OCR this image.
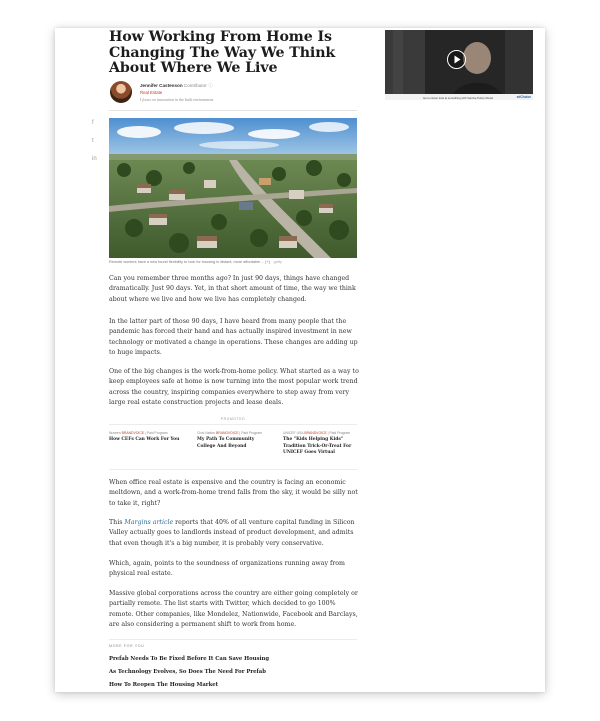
How Working From Home Is Changing The Way We Think About Where We Live
Jennifer Castenson Contributor ⓘ
Real Estate
I focus on innovation in the built environment.
f
t
in
Remote workers have a new found flexibility to look for housing in distant, more affordable ... [+] getty

Can you remember three months ago? In just 90 days, things have changed dramatically. Just 90 days. Yet, in that short amount of time, the way we think about where we live and how we live has completely changed.

In the latter part of those 90 days, I have heard from many people that the pandemic has forced their hand and has actually inspired investment in new technology or motivated a change in operations. These changes are adding up to huge impacts.

One of the big changes is the work-from-home policy. What started as a way to keep employees safe at home is now turning into the most popular work trend across the country, inspiring companies everywhere to step away from very large real estate construction projects and lease deals.

PROMOTED
Nuveen BRANDVOICE | Paid Program
How CEFs Can Work For You
Civic Nation BRANDVOICE | Paid Program
My Path To Community College And Beyond
UNICEF USA BRANDVOICE | Paid Program
The "Kids Helping Kids" Tradition Trick-Or-Treat For UNICEF Goes Virtual

When office real estate is expensive and the country is facing an economic meltdown, and a work-from-home trend falls from the sky, it would be silly not to take it, right?

This Margins article reports that 40% of all venture capital funding in Silicon Valley actually goes to landlords instead of product development, and admits that even though it's a big number, it is probably very conservative.

Which, again, points to the soundness of organizations running away from physical real estate.

Massive global corporations across the country are either going completely or partially remote. The list starts with Twitter, which decided to go 100% remote. Other companies, like Mondelez, Nationwide, Facebook and Barclays, are also considering a permanent shift to work from home.

MORE FOR YOU
Prefab Needs To Be Fixed Before It Can Save Housing
As Technology Evolves, So Does The Need For Prefab
How To Reopen The Housing Market
Get a closer look at something with Vantive Policy Model	edChoice
